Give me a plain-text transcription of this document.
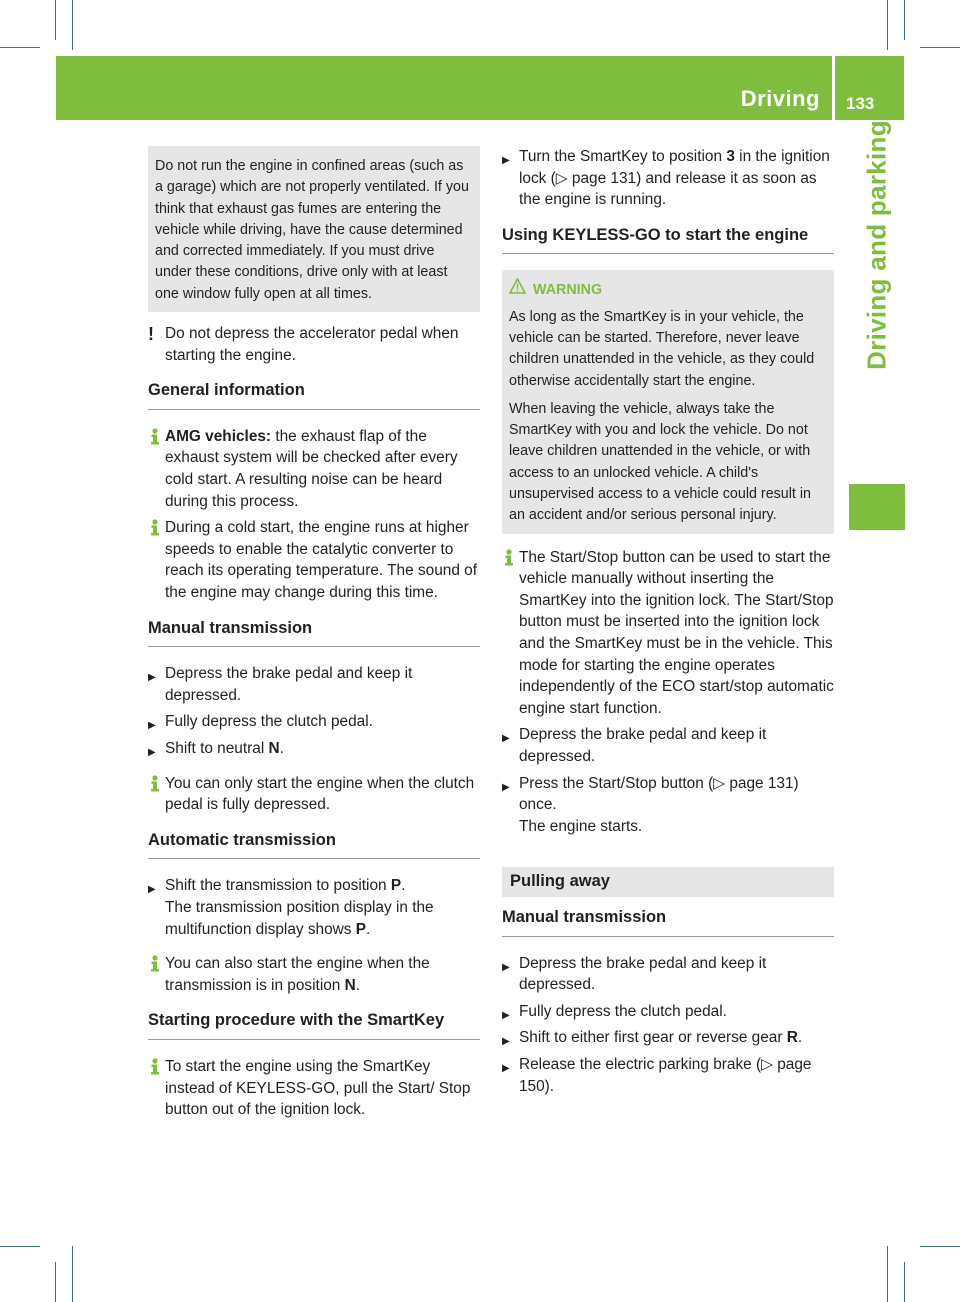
Driving 133
Driving and parking
Do not run the engine in confined areas (such as a garage) which are not properly ventilated. If you think that exhaust gas fumes are entering the vehicle while driving, have the cause determined and corrected immediately. If you must drive under these conditions, drive only with at least one window fully open at all times.
! Do not depress the accelerator pedal when starting the engine.
General information
AMG vehicles: the exhaust flap of the exhaust system will be checked after every cold start. A resulting noise can be heard during this process.
During a cold start, the engine runs at higher speeds to enable the catalytic converter to reach its operating temperature. The sound of the engine may change during this time.
Manual transmission
▶ Depress the brake pedal and keep it depressed.
▶ Fully depress the clutch pedal.
▶ Shift to neutral N.
You can only start the engine when the clutch pedal is fully depressed.
Automatic transmission
▶ Shift the transmission to position P.
The transmission position display in the multifunction display shows P.
You can also start the engine when the transmission is in position N.
Starting procedure with the SmartKey
To start the engine using the SmartKey instead of KEYLESS-GO, pull the Start/ Stop button out of the ignition lock.
▶ Turn the SmartKey to position 3 in the ignition lock (▷ page 131) and release it as soon as the engine is running.
Using KEYLESS-GO to start the engine
WARNING
As long as the SmartKey is in your vehicle, the vehicle can be started. Therefore, never leave children unattended in the vehicle, as they could otherwise accidentally start the engine.
When leaving the vehicle, always take the SmartKey with you and lock the vehicle. Do not leave children unattended in the vehicle, or with access to an unlocked vehicle. A child's unsupervised access to a vehicle could result in an accident and/or serious personal injury.
The Start/Stop button can be used to start the vehicle manually without inserting the SmartKey into the ignition lock. The Start/Stop button must be inserted into the ignition lock and the SmartKey must be in the vehicle. This mode for starting the engine operates independently of the ECO start/stop automatic engine start function.
▶ Depress the brake pedal and keep it depressed.
▶ Press the Start/Stop button (▷ page 131) once.
The engine starts.
Pulling away
Manual transmission
▶ Depress the brake pedal and keep it depressed.
▶ Fully depress the clutch pedal.
▶ Shift to either first gear or reverse gear R.
▶ Release the electric parking brake (▷ page 150).
